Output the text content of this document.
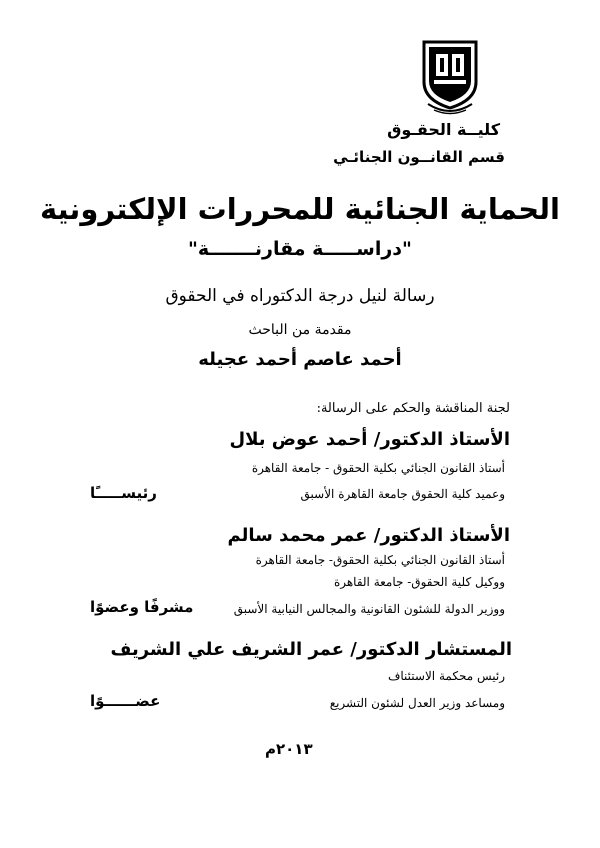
كليــة الحقـوق
قسم القانــون الجنائـي
الحماية الجنائية للمحررات الإلكترونية
"دراســـــة مقارنـــــــة"
رسالة لنيل درجة الدكتوراه في الحقوق
مقدمة من الباحث
أحمد عاصم أحمد عجيله
لجنة المناقشة والحكم على الرسالة:
الأستاذ الدكتور/ أحمد عوض بلال
أستاذ القانون الجنائي بكلية الحقوق - جامعة القاهرة
وعميد كلية الحقوق جامعة القاهرة الأسبق
رئيســـــًا
الأستاذ الدكتور/ عمر محمد سالم
أستاذ القانون الجنائي بكلية الحقوق- جامعة القاهرة
ووكيل كلية الحقوق- جامعة القاهرة
ووزير الدولة للشئون القانونية والمجالس النيابية الأسبق
مشرفًا وعضوًا
المستشار الدكتور/ عمر الشريف علي الشريف
رئيس محكمة الاستئناف
ومساعد وزير العدل لشئون التشريع
عضــــــوًا
٢٠١٣م
